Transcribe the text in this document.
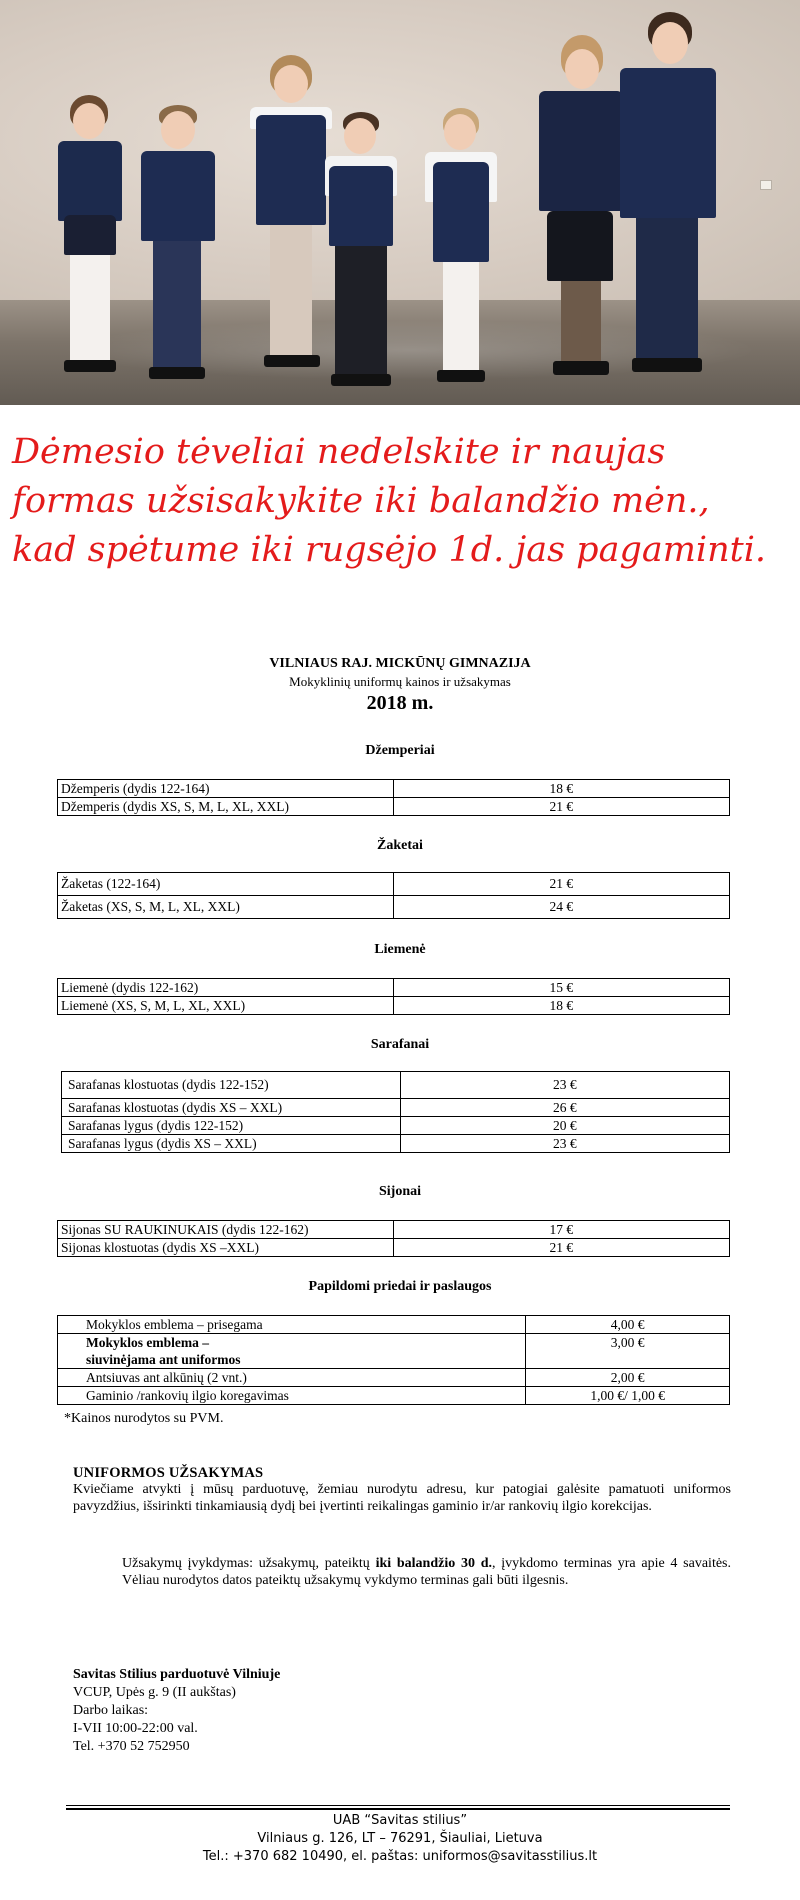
Dėmesio tėveliai nedelskite ir naujas
formas užsisakykite iki balandžio mėn.,
kad spėtume iki rugsėjo 1d. jas pagaminti.
VILNIAUS RAJ. MICKŪNŲ GIMNAZIJA
Mokyklinių uniformų kainos ir užsakymas
2018 m.
Džemperiai
Džemperis (dydis 122-164)	18 €
Džemperis (dydis XS, S, M, L, XL, XXL)	21 €
Žaketai
Žaketas (122-164)	21 €
Žaketas (XS, S, M, L, XL, XXL)	24 €
Liemenė
Liemenė (dydis 122-162)	15 €
Liemenė (XS, S, M, L, XL, XXL)	18 €
Sarafanai
Sarafanas klostuotas (dydis 122-152)	23 €
Sarafanas klostuotas (dydis XS – XXL)	26 €
Sarafanas lygus (dydis 122-152)	20 €
Sarafanas lygus (dydis XS – XXL)	23 €
Sijonai
Sijonas SU RAUKINUKAIS (dydis 122-162)	17 €
Sijonas klostuotas (dydis XS –XXL)	21 €
Papildomi priedai ir paslaugos
Mokyklos emblema – prisegama	4,00 €

Mokyklos emblema –
siuvinėjama ant uniformos	3,00 €
Antsiuvas ant alkūnių (2 vnt.)	2,00 €
Gaminio /rankovių ilgio koregavimas	1,00 €/ 1,00 €
*Kainos nurodytos su PVM.
UNIFORMOS UŽSAKYMAS
Kviečiame atvykti į mūsų parduotuvę, žemiau nurodytu adresu, kur patogiai galėsite pamatuoti uniformos pavyzdžius, išsirinkti tinkamiausią dydį bei įvertinti reikalingas gaminio ir/ar rankovių ilgio korekcijas.
Užsakymų įvykdymas: užsakymų, pateiktų iki balandžio 30 d., įvykdomo terminas yra apie 4 savaitės. Vėliau nurodytos datos pateiktų užsakymų vykdymo terminas gali būti ilgesnis.
Savitas Stilius parduotuvė Vilniuje
VCUP, Upės g. 9 (II aukštas)
Darbo laikas:
I-VII 10:00-22:00 val.
Tel. +370 52 752950
UAB “Savitas stilius”
Vilniaus g. 126, LT – 76291, Šiauliai, Lietuva
Tel.: +370 682 10490, el. paštas: uniformos@savitasstilius.lt
